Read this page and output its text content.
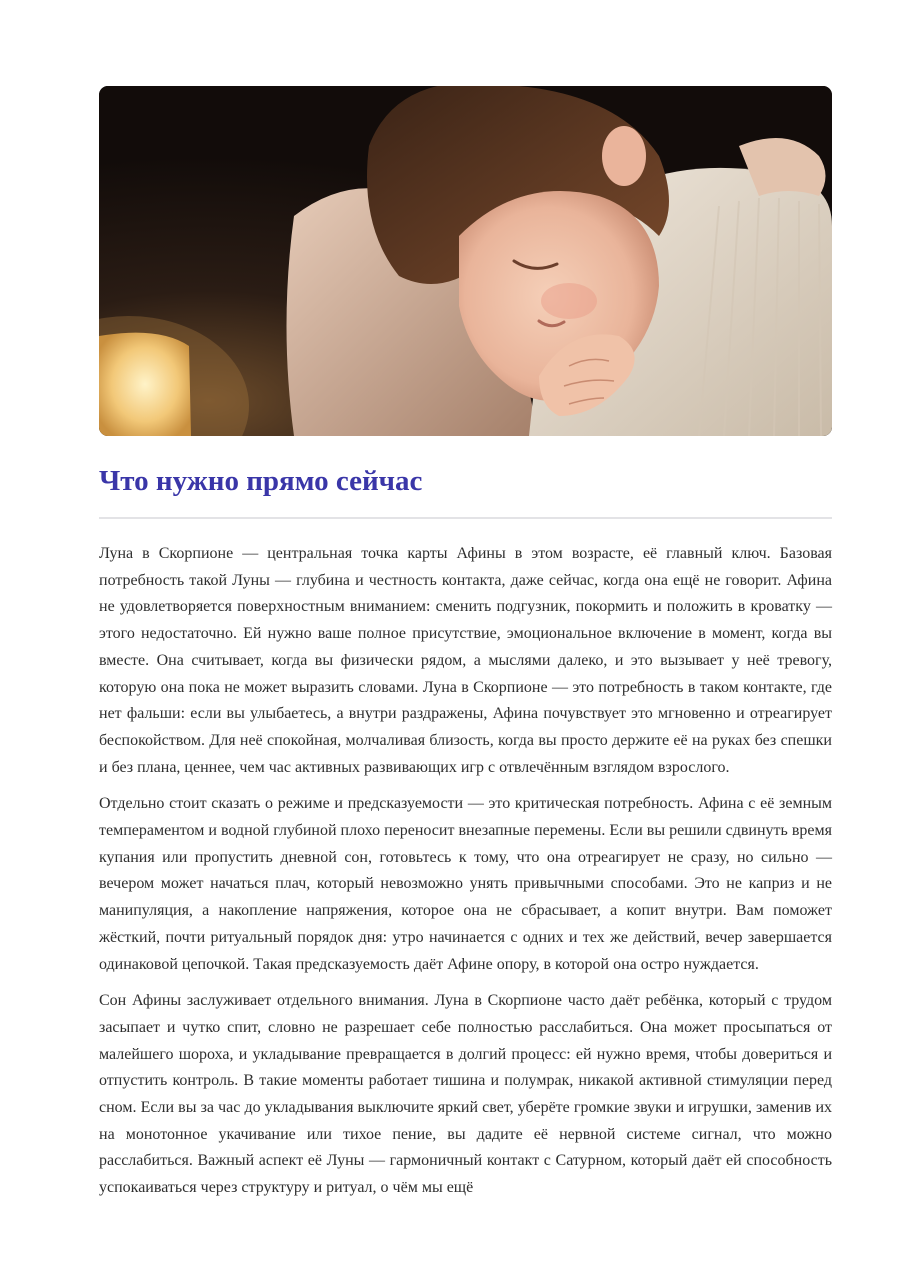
Что нужно прямо сейчас

Луна в Скорпионе — центральная точка карты Афины в этом возрасте, её главный ключ. Базовая потребность такой Луны — глубина и честность контакта, даже сейчас, когда она ещё не говорит. Афина не удовлетворяется поверхностным вниманием: сменить подгузник, покормить и положить в кроватку — этого недостаточно. Ей нужно ваше полное присутствие, эмоциональное включение в момент, когда вы вместе. Она считывает, когда вы физически рядом, а мыслями далеко, и это вызывает у неё тревогу, которую она пока не может выразить словами. Луна в Скорпионе — это потребность в таком контакте, где нет фальши: если вы улыбаетесь, а внутри раздражены, Афина почувствует это мгновенно и отреагирует беспокойством. Для неё спокойная, молчаливая близость, когда вы просто держите её на руках без спешки и без плана, ценнее, чем час активных развивающих игр с отвлечённым взглядом взрослого.

Отдельно стоит сказать о режиме и предсказуемости — это критическая потребность. Афина с её земным темпераментом и водной глубиной плохо переносит внезапные перемены. Если вы решили сдвинуть время купания или пропустить дневной сон, готовьтесь к тому, что она отреагирует не сразу, но сильно — вечером может начаться плач, который невозможно унять привычными способами. Это не каприз и не манипуляция, а накопление напряжения, которое она не сбрасывает, а копит внутри. Вам поможет жёсткий, почти ритуальный порядок дня: утро начинается с одних и тех же действий, вечер завершается одинаковой цепочкой. Такая предсказуемость даёт Афине опору, в которой она остро нуждается.

Сон Афины заслуживает отдельного внимания. Луна в Скорпионе часто даёт ребёнка, который с трудом засыпает и чутко спит, словно не разрешает себе полностью расслабиться. Она может просыпаться от малейшего шороха, и укладывание превращается в долгий процесс: ей нужно время, чтобы довериться и отпустить контроль. В такие моменты работает тишина и полумрак, никакой активной стимуляции перед сном. Если вы за час до укладывания выключите яркий свет, уберёте громкие звуки и игрушки, заменив их на монотонное укачивание или тихое пение, вы дадите её нервной системе сигнал, что можно расслабиться. Важный аспект её Луны — гармоничный контакт с Сатурном, который даёт ей способность успокаиваться через структуру и ритуал, о чём мы ещё
